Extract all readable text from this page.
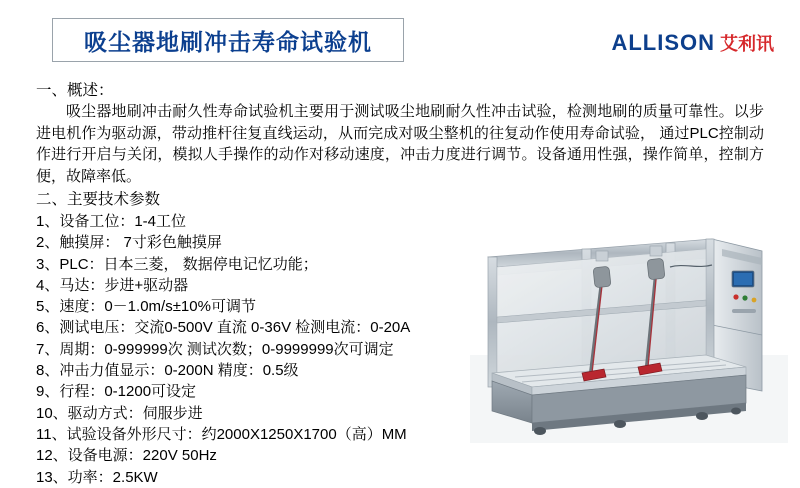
吸尘器地刷冲击寿命试验机	ALLISON 艾利讯
一、概述：
吸尘器地刷冲击耐久性寿命试验机主要用于测试吸尘地刷耐久性冲击试验，检测地刷的质量可靠性。以步进电机作为驱动源，带动推杆往复直线运动，从而完成对吸尘整机的往复动作使用寿命试验， 通过PLC控制动作进行开启与关闭，模拟人手操作的动作对移动速度，冲击力度进行调节。设备通用性强，操作简单，控制方便，故障率低。
二、主要技术参数
1、设备工位：1-4工位
2、触摸屏： 7寸彩色触摸屏
3、PLC：日本三菱， 数据停电记忆功能；
4、马达：步进+驱动器
5、速度：0－1.0m/s±10%可调节
6、测试电压：交流0-500V 直流 0-36V 检测电流：0-20A
7、周期：0-999999次 测试次数；0-9999999次可调定
8、冲击力值显示：0-200N 精度：0.5级
9、行程：0-1200可设定
10、驱动方式：伺服步进
11、试验设备外形尺寸：约2000X1250X1700（高）MM
12、设备电源：220V 50Hz
13、功率：2.5KW
